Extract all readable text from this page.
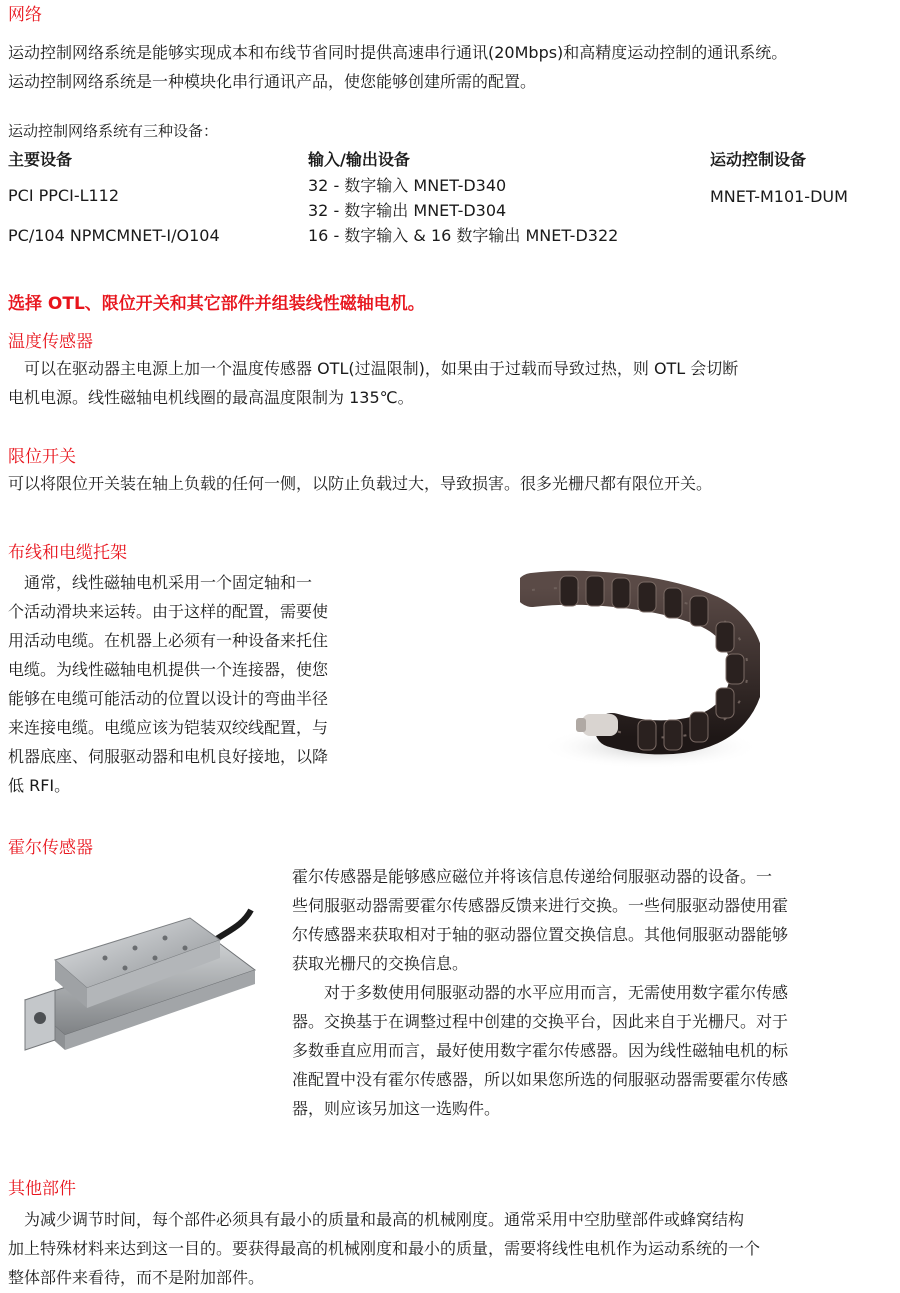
网络
运动控制网络系统是能够实现成本和布线节省同时提供高速串行通讯(20Mbps)和高精度运动控制的通讯系统。
运动控制网络系统是一种模块化串行通讯产品，使您能够创建所需的配置。
运动控制网络系统有三种设备：
主要设备	输入/输出设备	运动控制设备
PCI PPCI-L112
PC/104 NPMCMNET-I/O104
32 - 数字输入 MNET-D340
32 - 数字输出 MNET-D304
16 - 数字输入 & 16 数字输出 MNET-D322
MNET-M101-DUM
选择 OTL、限位开关和其它部件并组装线性磁轴电机。
温度传感器
　可以在驱动器主电源上加一个温度传感器 OTL(过温限制)，如果由于过载而导致过热，则 OTL 会切断
电机电源。线性磁轴电机线圈的最高温度限制为 135℃。
限位开关
可以将限位开关装在轴上负载的任何一侧，以防止负载过大，导致损害。很多光栅尺都有限位开关。
布线和电缆托架
　通常，线性磁轴电机采用一个固定轴和一
个活动滑块来运转。由于这样的配置，需要使
用活动电缆。在机器上必须有一种设备来托住
电缆。为线性磁轴电机提供一个连接器，使您
能够在电缆可能活动的位置以设计的弯曲半径
来连接电缆。电缆应该为铠装双绞线配置，与
机器底座、伺服驱动器和电机良好接地，以降
低 RFI。
霍尔传感器
霍尔传感器是能够感应磁位并将该信息传递给伺服驱动器的设备。一
些伺服驱动器需要霍尔传感器反馈来进行交换。一些伺服驱动器使用霍
尔传感器来获取相对于轴的驱动器位置交换信息。其他伺服驱动器能够
获取光栅尺的交换信息。
　　对于多数使用伺服驱动器的水平应用而言，无需使用数字霍尔传感
器。交换基于在调整过程中创建的交换平台，因此来自于光栅尺。对于
多数垂直应用而言，最好使用数字霍尔传感器。因为线性磁轴电机的标
准配置中没有霍尔传感器，所以如果您所选的伺服驱动器需要霍尔传感
器，则应该另加这一选购件。
其他部件
　为减少调节时间，每个部件必须具有最小的质量和最高的机械刚度。通常采用中空肋壁部件或蜂窝结构
加上特殊材料来达到这一目的。要获得最高的机械刚度和最小的质量，需要将线性电机作为运动系统的一个
整体部件来看待，而不是附加部件。
